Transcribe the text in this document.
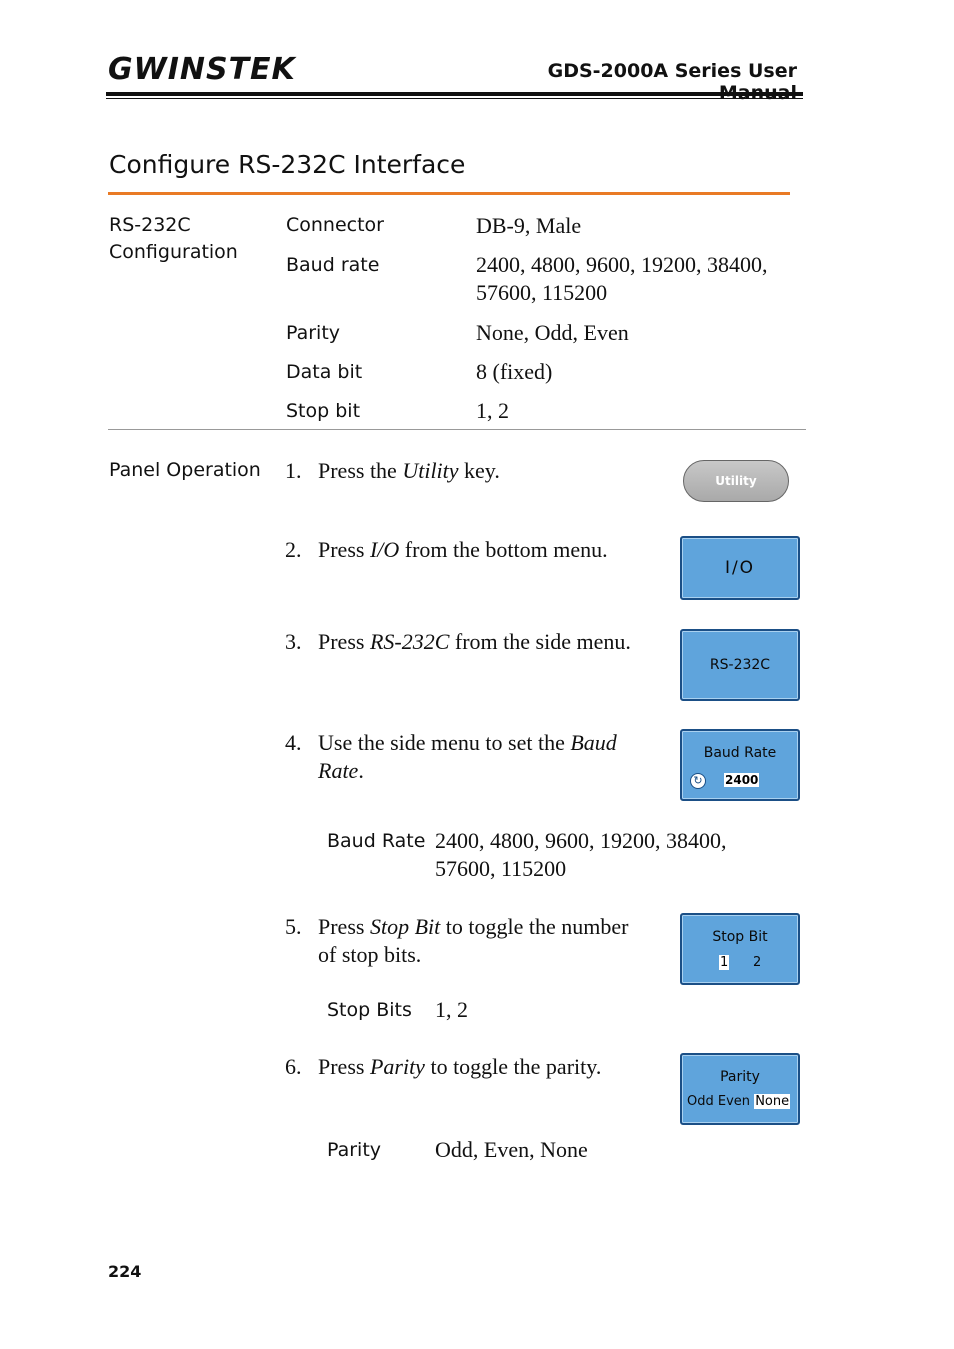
GWINSTEK	GDS-2000A Series User
Configure RS-232C Interface
RS-232C
Configuration
Connector	DB-9, Male
Baud rate	2400, 4800, 9600, 19200, 38400,
57600, 115200
Parity	None, Odd, Even
Data bit	8 (fixed)
Stop bit	1, 2
Panel Operation 1. Press the Utility key.	Utility
2. Press I/O from the bottom menu.
I/O
3. Press RS-232C from the side menu.
RS-232C
4. Use the side menu to set the Baud
Rate.
Baud Rate
↻ 2400
Baud Rate 2400, 4800, 9600, 19200, 38400,
57600, 115200
5. Press Stop Bit to toggle the number
of stop bits.
Stop Bit
1 2
Stop Bits 1, 2
6. Press Parity to toggle the parity.	Parity
Odd Even None
Parity Odd, Even, None
224
